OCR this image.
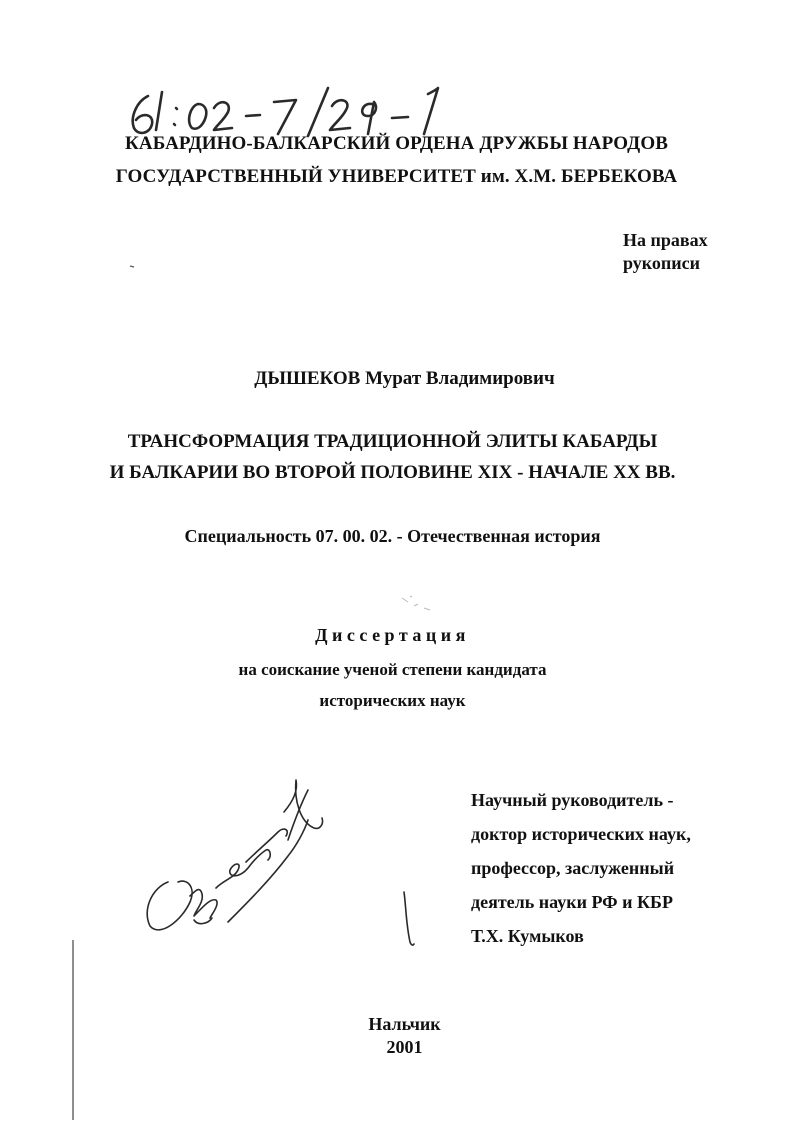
КАБАРДИНО-БАЛКАРСКИЙ ОРДЕНА ДРУЖБЫ НАРОДОВ
ГОСУДАРСТВЕННЫЙ УНИВЕРСИТЕТ им. Х.М. БЕРБЕКОВА
На правах
рукописи
ДЫШЕКОВ Мурат Владимирович
ТРАНСФОРМАЦИЯ ТРАДИЦИОННОЙ ЭЛИТЫ КАБАРДЫ
И БАЛКАРИИ ВО ВТОРОЙ ПОЛОВИНЕ XIX - НАЧАЛЕ XX ВВ.
Специальность 07. 00. 02. - Отечественная история
Диссертация
на соискание ученой степени кандидата
исторических наук
Научный руководитель -
доктор исторических наук,
профессор, заслуженный
деятель науки РФ и КБР
Т.Х. Кумыков
Нальчик
2001
